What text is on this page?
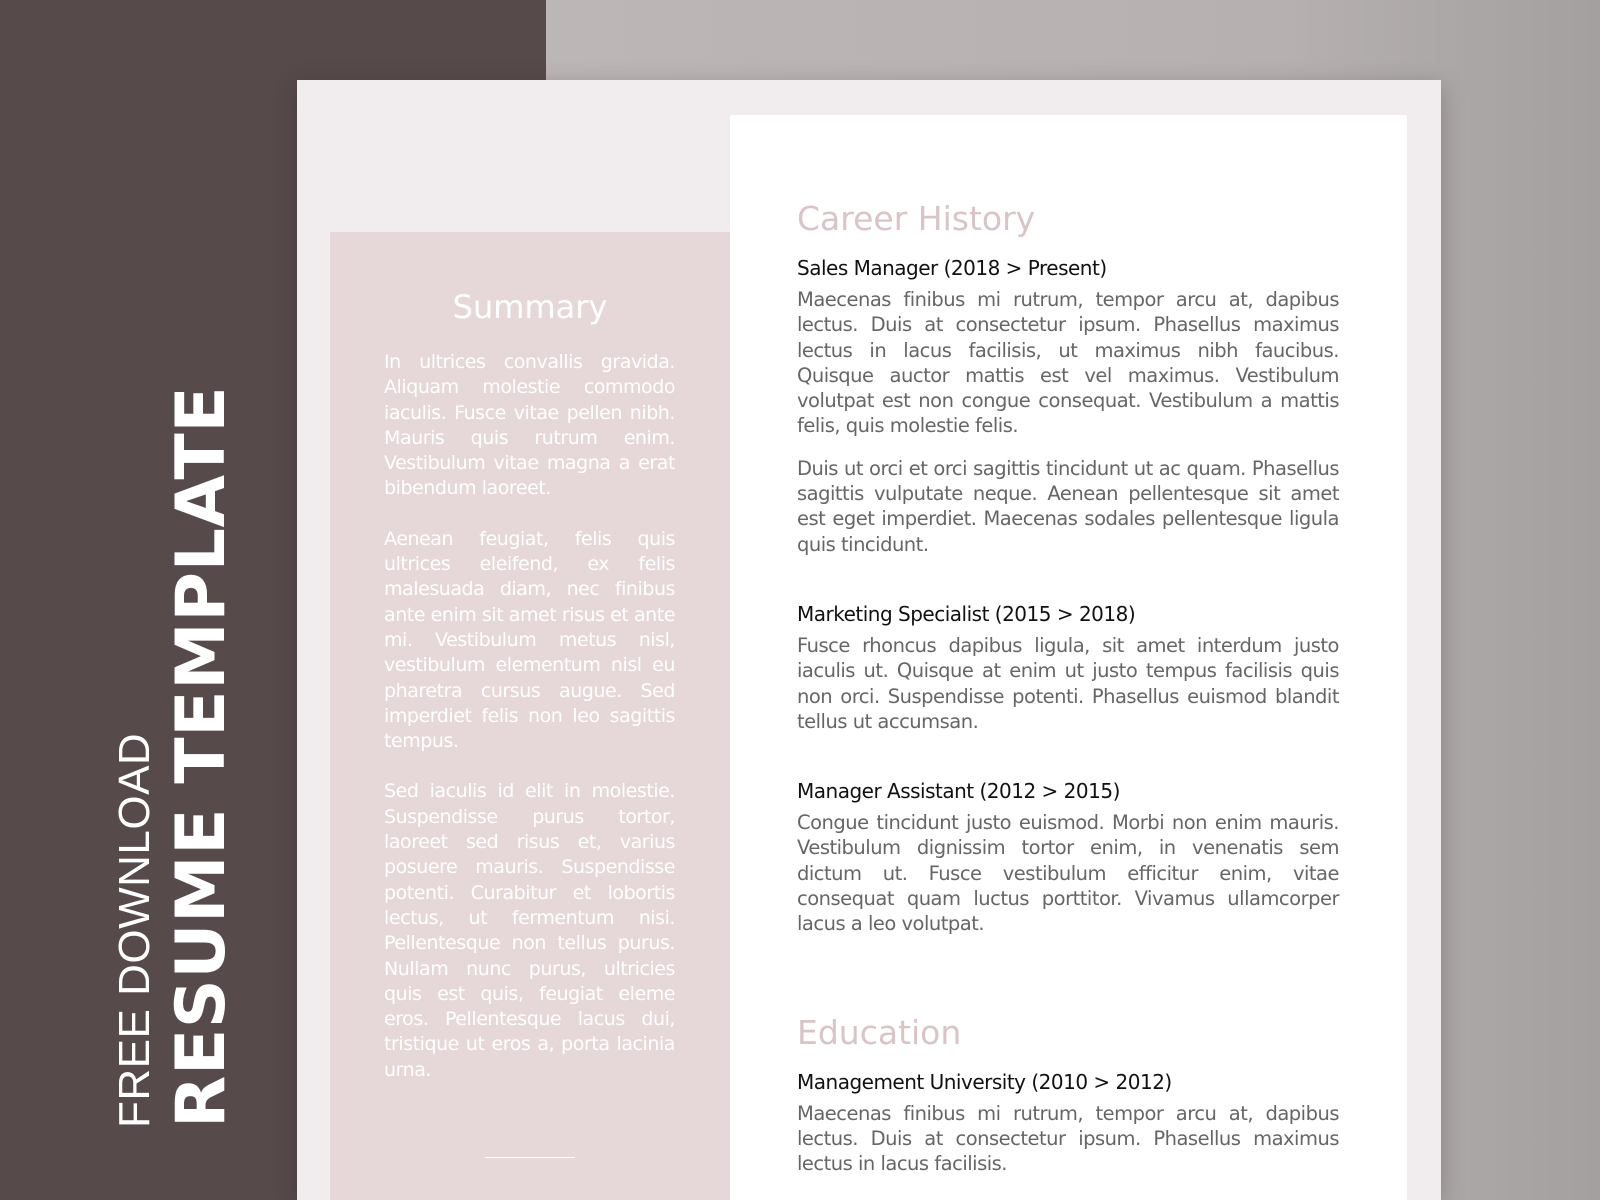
FREE DOWNLOAD RESUME TEMPLATE
Summary

In ultrices convallis gravida. Aliquam molestie commodo iaculis. Fusce vitae pellen nibh. Mauris quis rutrum enim. Vestibulum vitae magna a erat bibendum laoreet.

Aenean feugiat, felis quis ultrices eleifend, ex felis malesuada diam, nec finibus ante enim sit amet risus et ante mi. Vestibulum metus nisl, vestibulum elementum nisl eu pharetra cursus augue. Sed imperdiet felis non leo sagittis tempus.

Sed iaculis id elit in molestie. Suspendisse purus tortor, laoreet sed risus et, varius posuere mauris. Suspendisse potenti. Curabitur et lobortis lectus, ut fermentum nisi. Pellentesque non tellus purus. Nullam nunc purus, ultricies quis est quis, feugiat eleme eros. Pellentesque lacus dui, tristique ut eros a, porta lacinia urna.

Career History
Sales Manager (2018 > Present)
Maecenas finibus mi rutrum, tempor arcu at, dapibus lectus. Duis at consectetur ipsum. Phasellus maximus lectus in lacus facilisis, ut maximus nibh faucibus. Quisque auctor mattis est vel maximus. Vestibulum volutpat est non congue consequat. Vestibulum a mattis felis, quis molestie felis.
Duis ut orci et orci sagittis tincidunt ut ac quam. Phasellus sagittis vulputate neque. Aenean pellentesque sit amet est eget imperdiet. Maecenas sodales pellentesque ligula quis tincidunt.
Marketing Specialist (2015 > 2018)
Fusce rhoncus dapibus ligula, sit amet interdum justo iaculis ut. Quisque at enim ut justo tempus facilisis quis non orci. Suspendisse potenti. Phasellus euismod blandit tellus ut accumsan.
Manager Assistant (2012 > 2015)
Congue tincidunt justo euismod. Morbi non enim mauris. Vestibulum dignissim tortor enim, in venenatis sem dictum ut. Fusce vestibulum efficitur enim, vitae consequat quam luctus porttitor. Vivamus ullamcorper lacus a leo volutpat.
Education
Management University (2010 > 2012)
Maecenas finibus mi rutrum, tempor arcu at, dapibus lectus. Duis at consectetur ipsum. Phasellus maximus lectus in lacus facilisis.
